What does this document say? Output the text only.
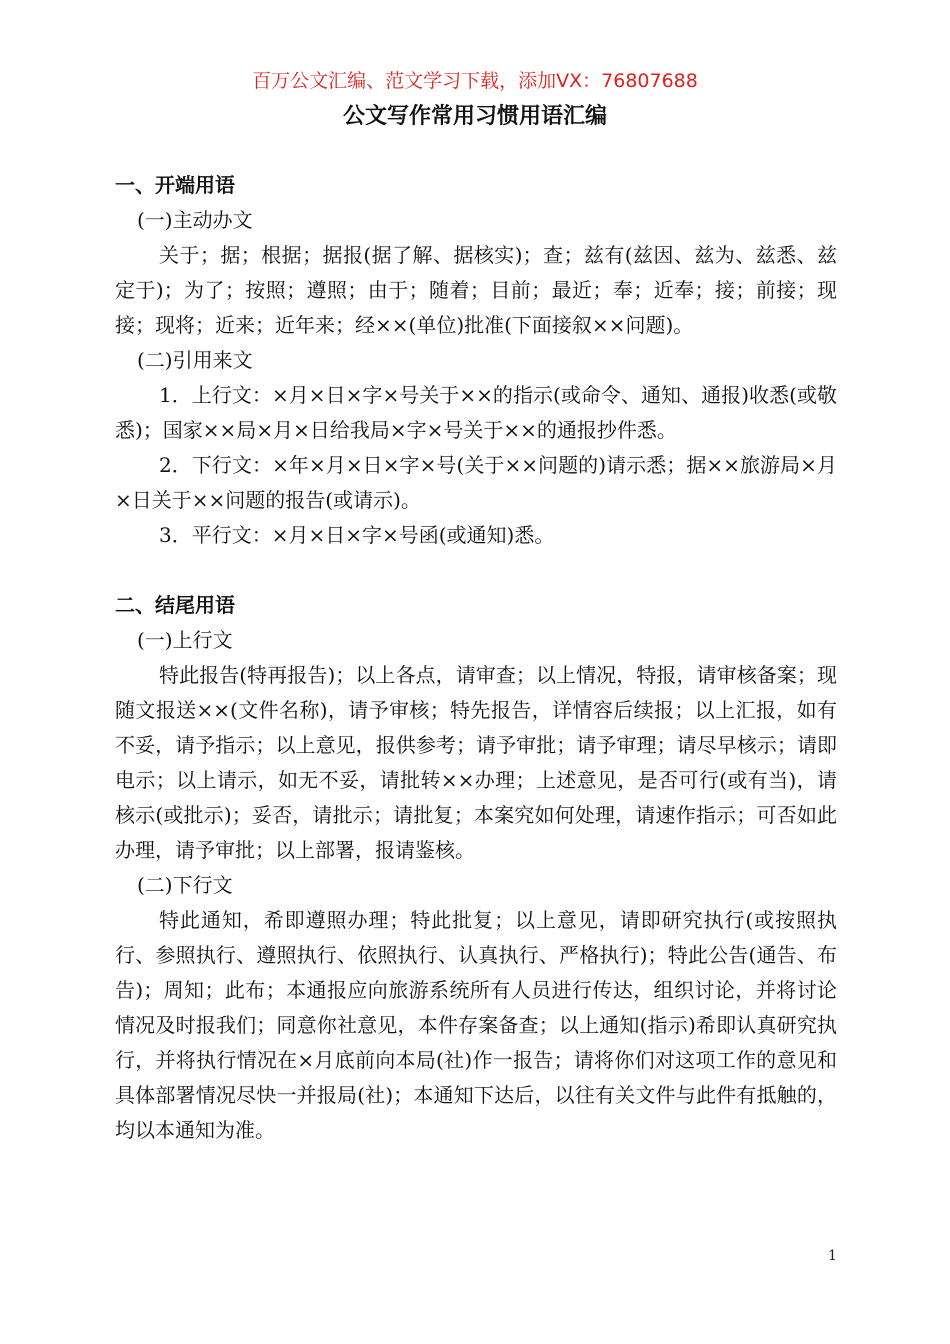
百万公文汇编、范文学习下载，添加VX：76807688
公文写作常用习惯用语汇编

一、开端用语

(一)主动办文

关于；据；根据；据报(据了解、据核实)；查；兹有(兹因、兹为、兹悉、兹定于)；为了；按照；遵照；由于；随着；目前；最近；奉；近奉；接；前接；现接；现将；近来；近年来；经××(单位)批准(下面接叙××问题)。

(二)引用来文

1．上行文：×月×日×字×号关于××的指示(或命令、通知、通报)收悉(或敬悉)；国家××局×月×日给我局×字×号关于××的通报抄件悉。

2．下行文：×年×月×日×字×号(关于××问题的)请示悉；据××旅游局×月×日关于××问题的报告(或请示)。

3．平行文：×月×日×字×号函(或通知)悉。

二、结尾用语

(一)上行文

特此报告(特再报告)；以上各点，请审查；以上情况，特报，请审核备案；现随文报送××(文件名称)，请予审核；特先报告，详情容后续报；以上汇报，如有不妥，请予指示；以上意见，报供参考；请予审批；请予审理；请尽早核示；请即电示；以上请示，如无不妥，请批转××办理；上述意见，是否可行(或有当)，请核示(或批示)；妥否，请批示；请批复；本案究如何处理，请速作指示；可否如此办理，请予审批；以上部署，报请鉴核。

(二)下行文

特此通知，希即遵照办理；特此批复；以上意见，请即研究执行(或按照执行、参照执行、遵照执行、依照执行、认真执行、严格执行)；特此公告(通告、布告)；周知；此布；本通报应向旅游系统所有人员进行传达，组织讨论，并将讨论情况及时报我们；同意你社意见，本件存案备查；以上通知(指示)希即认真研究执行，并将执行情况在×月底前向本局(社)作一报告；请将你们对这项工作的意见和具体部署情况尽快一并报局(社)；本通知下达后，以往有关文件与此件有抵触的，均以本通知为准。

1
